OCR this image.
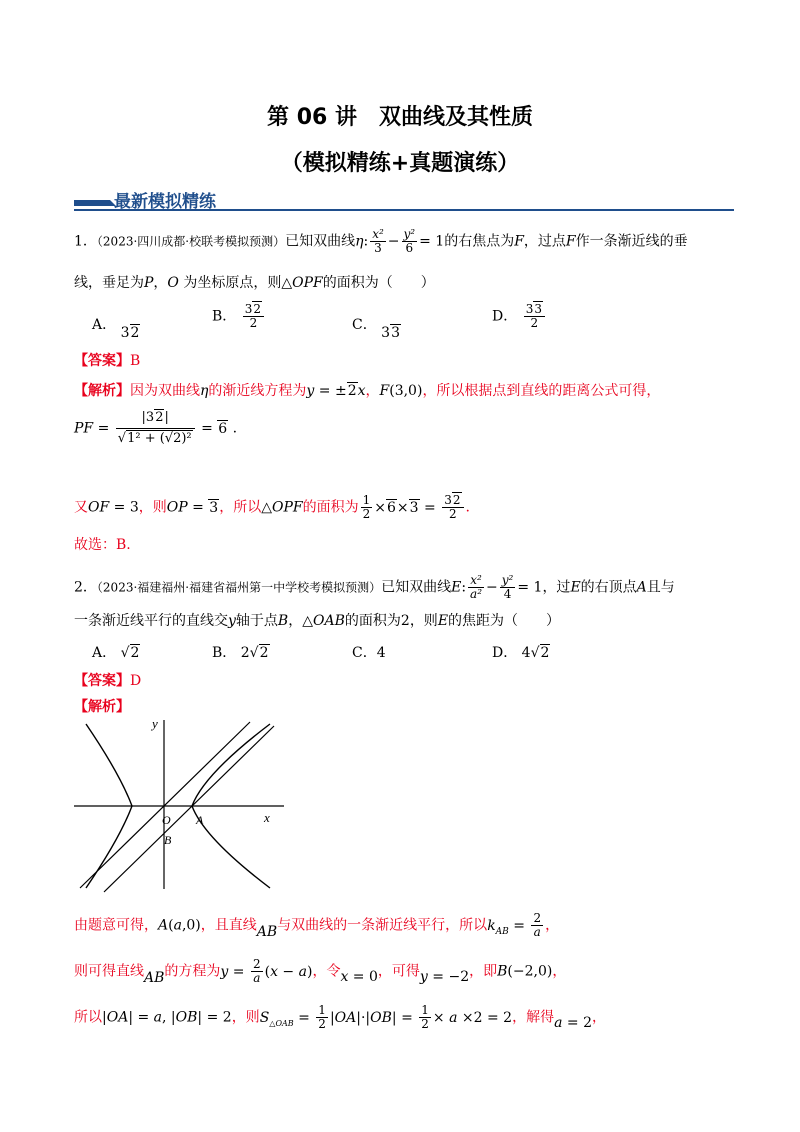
第 06 讲　双曲线及其性质
（模拟精练+真题演练）
最新模拟精练
1．（2023·四川成都·校联考模拟预测）已知双曲线η: $\frac{\text{x²}}{3} - \frac{\text{y²}}{6} = 1$的右焦点为F，过点F作一条渐近线的垂
线，垂足为P，O 为坐标原点，则△OPF的面积为（　　）
A． 32
B． $\frac{32}{2}$	C． 33
D． $\frac{33}{2}$
【答案】B
【解析】因为双曲线η的渐近线方程为y = ±2x，F(3,0)，所以根据点到直线的距离公式可得，
PF = $\frac{|32|}{\text{√1² + (√2)²}} = 6$ .
又OF = 3，则OP = 3，所以△OPF的面积为 $\frac{1}{2} \times 6\times 3 = \frac{32}{2}$ .
故选：B.
2．（2023·福建福州·福建省福州第一中学校考模拟预测）已知双曲线E: $\frac{\text{x²}}{\text{a²}} - \frac{\text{y²}}{4} = 1$，过E的右顶点A且与
一条渐近线平行的直线交y轴于点B，△OAB的面积为2，则E的焦距为（　　）
A． √2	B． 2√2	C．4	D． 4√2
【答案】D
【解析】
y
x
O A
B
由题意可得，A(a,0)，且直线AB与双曲线的一条渐近线平行，所以$k_{AB} = \frac{2}{a}$ ，
则可得直线AB的方程为$y = \frac{2}{a} (x - a)$，令x = 0，可得y = −2，即B(−2,0)，
所以|OA| = a, |OB| = 2，则$S_{\triangle OAB} = \frac{1}{2} |OA|\cdot|OB| = \frac{1}{2} \times a \times 2 = 2$，解得a = 2，
